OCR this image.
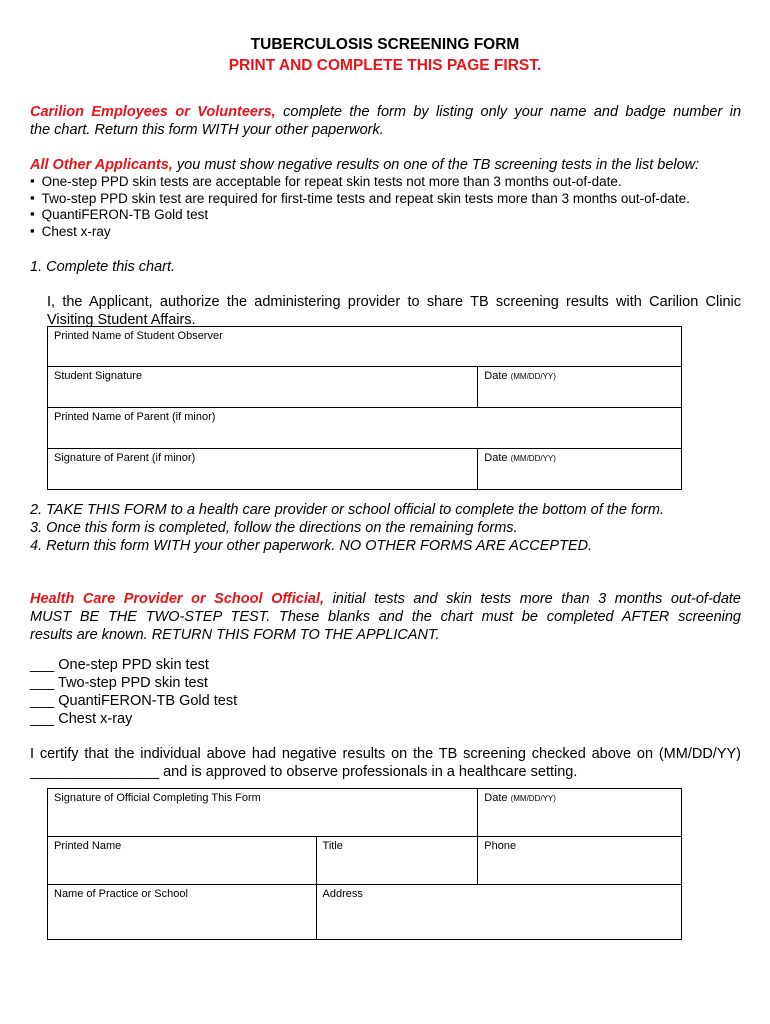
TUBERCULOSIS SCREENING FORM
PRINT AND COMPLETE THIS PAGE FIRST.
Carilion Employees or Volunteers, complete the form by listing only your name and badge number in
the chart. Return this form WITH your other paperwork.
All Other Applicants, you must show negative results on one of the TB screening tests in the list below:
▪ One-step PPD skin tests are acceptable for repeat skin tests not more than 3 months out-of-date.
▪ Two-step PPD skin test are required for first-time tests and repeat skin tests more than 3 months out-of-date.
▪ QuantiFERON-TB Gold test
▪ Chest x-ray
1. Complete this chart.
I, the Applicant, authorize the administering provider to share TB screening results with Carilion Clinic
Visiting Student Affairs.
Printed Name of Student Observer	
Student Signature	Date (MM/DD/YY)
Printed Name of Parent (if minor)	
Signature of Parent (if minor)	Date (MM/DD/YY)
2. TAKE THIS FORM to a health care provider or school official to complete the bottom of the form.
3. Once this form is completed, follow the directions on the remaining forms.
4. Return this form WITH your other paperwork. NO OTHER FORMS ARE ACCEPTED.
Health Care Provider or School Official, initial tests and skin tests more than 3 months out-of-date
MUST BE THE TWO-STEP TEST. These blanks and the chart must be completed AFTER screening
results are known. RETURN THIS FORM TO THE APPLICANT.
___ One-step PPD skin test
___ Two-step PPD skin test
___ QuantiFERON-TB Gold test
___ Chest x-ray
I certify that the individual above had negative results on the TB screening checked above on (MM/DD/YY)
________________ and is approved to observe professionals in a healthcare setting.
Signature of Official Completing This Form		Date (MM/DD/YY)
Printed Name	Title	Phone
Name of Practice or School	Address	
